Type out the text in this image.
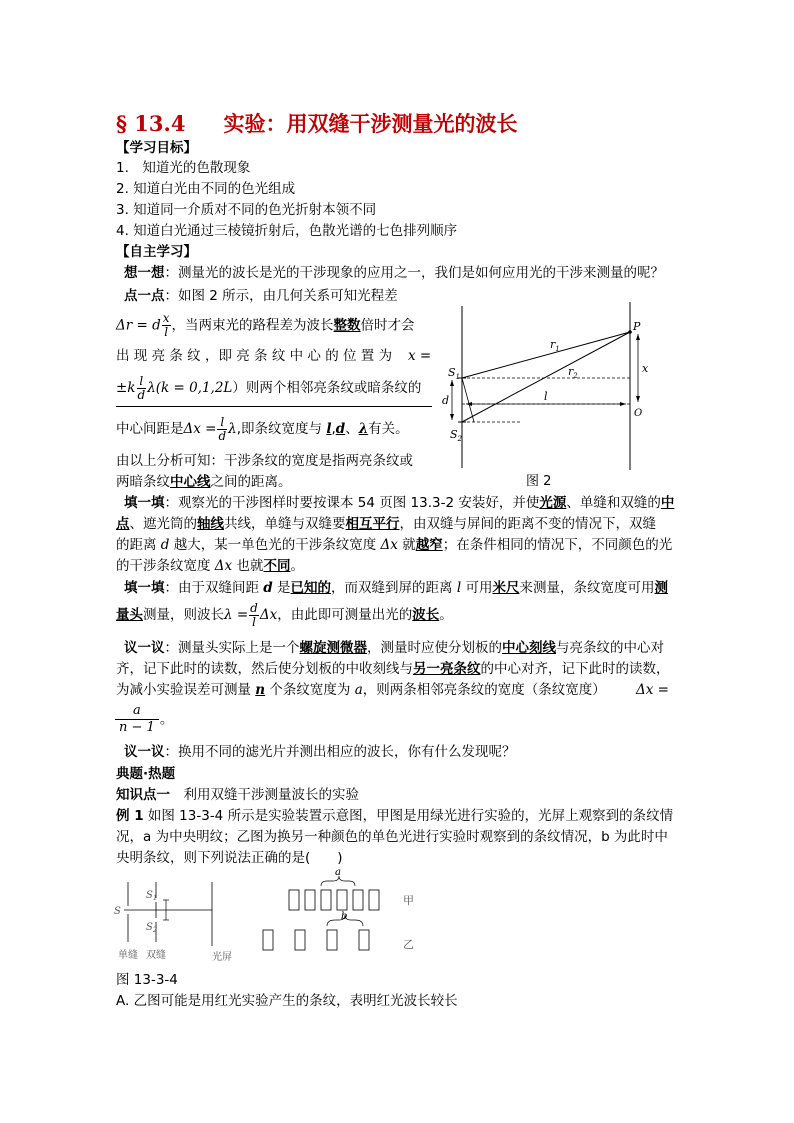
§ 13.4 实验：用双缝干涉测量光的波长
【学习目标】
1.　知道光的色散现象
2. 知道白光由不同的色光组成
3. 知道同一介质对不同的色光折射本领不同
4. 知道白光通过三棱镜折射后，色散光谱的七色排列顺序
【自主学习】
想一想：测量光的波长是光的干涉现象的应用之一，我们是如何应用光的干涉来测量的呢？
点一点：如图 2 所示，由几何关系可知光程差
Δr = d $\frac{x}{l}$ ，当两束光的路程差为波长整数倍时才会
出 现 亮 条 纹 ，即 亮 条 纹 中 心 的 位 置 为 x =
$\pm k \frac{l}{d} \lambda(k = 0,1,2L)$则两个相邻亮条纹或暗条纹的
中心间距是$\Delta x = \frac{l}{d} \lambda$,即条纹宽度与 l,d、λ有关。
由以上分析可知：干涉条纹的宽度是指两亮条纹或
两暗条纹中心线之间的距离。
P
$S_1$
$S_2$
$r_1$
$r_2$
x
d	l
O
图 2
填一填：观察光的干涉图样时要按课本 54 页图 13.3-2 安装好，并使光源、单缝和双缝的中
点、遮光筒的轴线共线，单缝与双缝要相互平行，由双缝与屏间的距离不变的情况下，双缝
的距离 d 越大，某一单色光的干涉条纹宽度 Δx 就越窄；在条件相同的情况下，不同颜色的光
的干涉条纹宽度 Δx 也就不同。
填一填：由于双缝间距 d 是已知的，而双缝到屏的距离 l 可用米尺来测量，条纹宽度可用测
量头测量，则波长$\lambda = \frac{d}{l}$ Δx，由此即可测量出光的波长。
议一议：测量头实际上是一个螺旋测微器，测量时应使分划板的中心刻线与亮条纹的中心对
齐，记下此时的读数，然后使分划板的中收刻线与另一亮条纹的中心对齐，记下此时的读数，
为减小实验误差可测量 n 个条纹宽度为 a，则两条相邻亮条纹的宽度（条纹宽度） Δx =
$\frac{a}{n - 1}$ 。
议一议：换用不同的滤光片并测出相应的波长，你有什么发现呢？
典题·热题
知识点一　利用双缝干涉测量波长的实验
例 1 如图 13-3-4 所示是实验装置示意图，甲图是用绿光进行实验的，光屏上观察到的条纹情
况，a 为中央明纹；乙图为换另一种颜色的单色光进行实验时观察到的条纹情况，b 为此时中
央明条纹，则下列说法正确的是(　　)
S
$S_1$
$S_2$
单缝 双缝	光屏
a
b
甲
乙
图 13-3-4
A. 乙图可能是用红光实验产生的条纹，表明红光波长较长
